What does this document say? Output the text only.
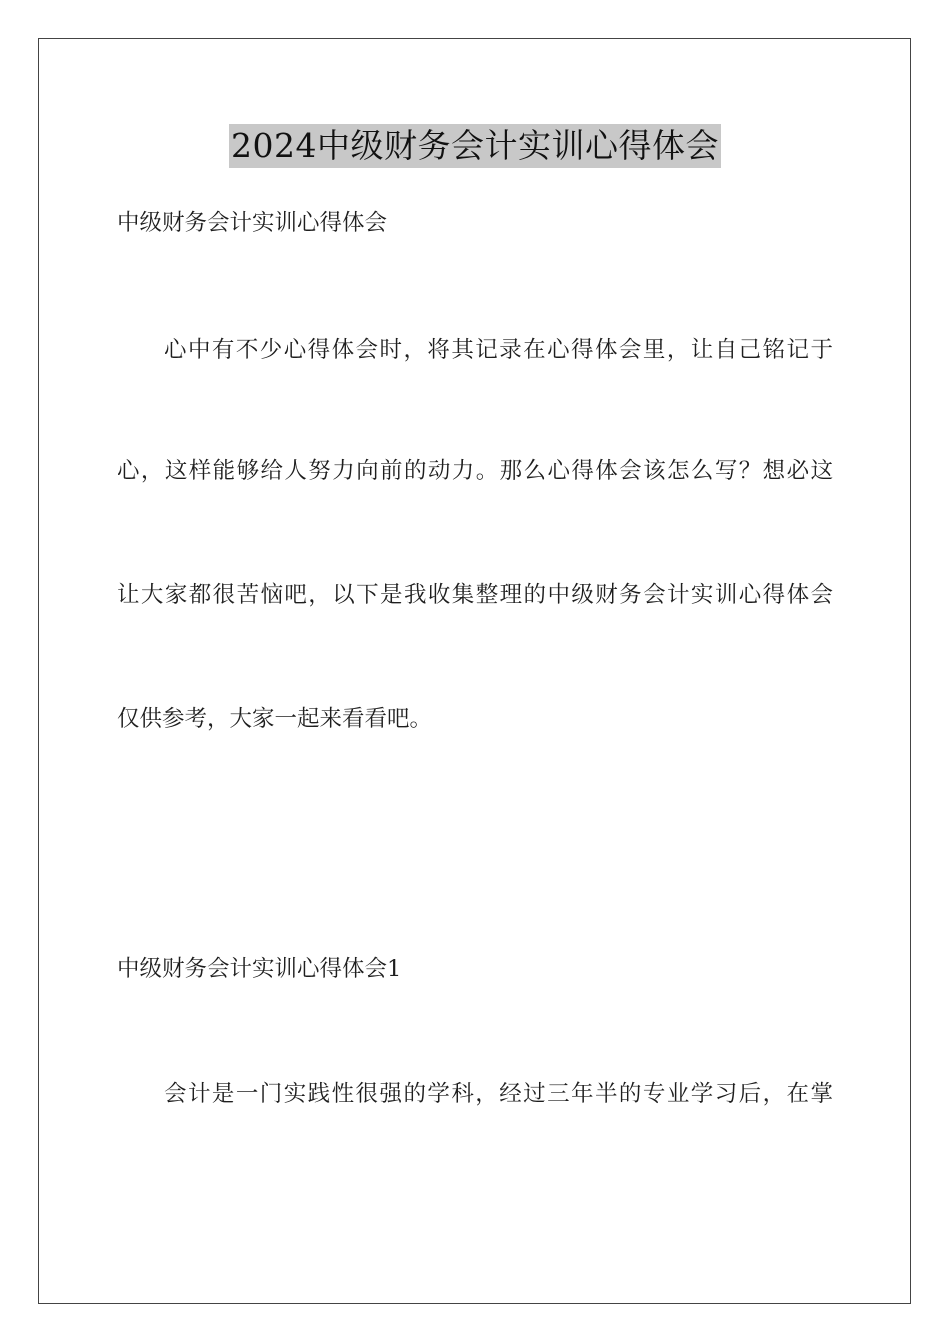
2024中级财务会计实训心得体会
中级财务会计实训心得体会
心中有不少心得体会时，将其记录在心得体会里，让自己铭记于
心，这样能够给人努力向前的动力。那么心得体会该怎么写？想必这
让大家都很苦恼吧，以下是我收集整理的中级财务会计实训心得体会
仅供参考，大家一起来看看吧。
中级财务会计实训心得体会1
会计是一门实践性很强的学科，经过三年半的专业学习后，在掌
